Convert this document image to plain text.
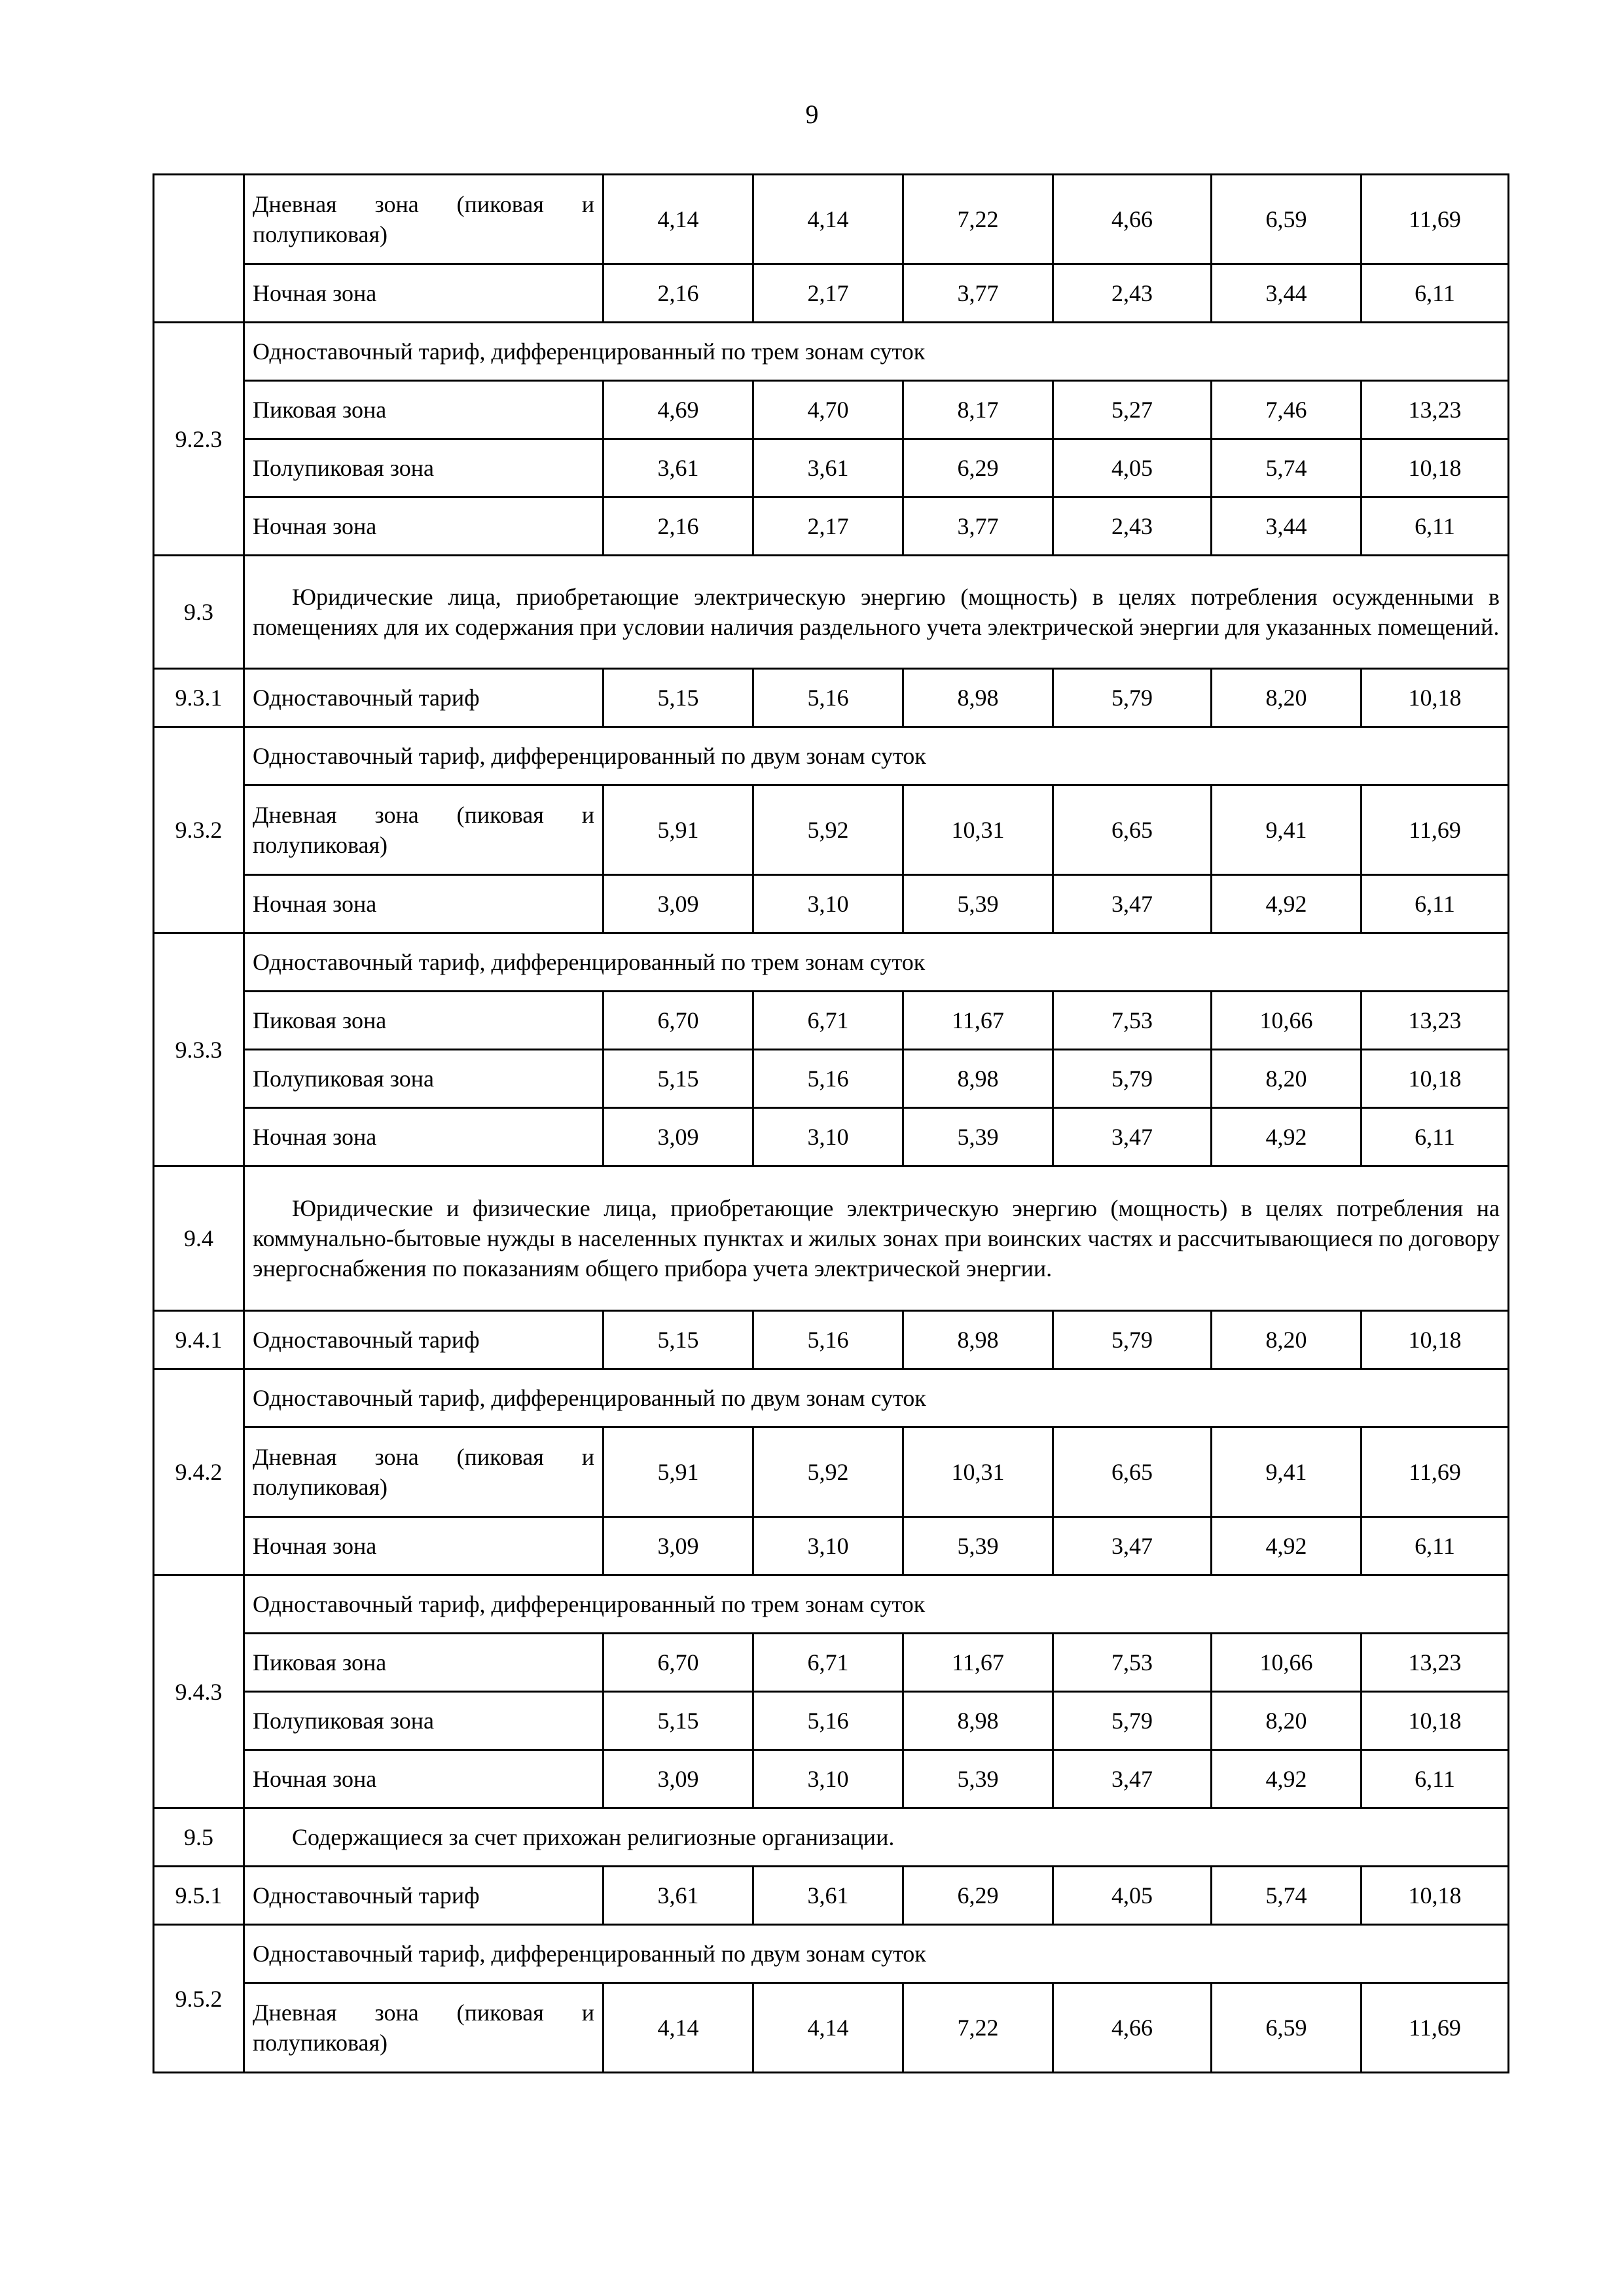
9
	Дневная зона (пиковая и полупиковая)	4,14	4,14	7,22	4,66	6,59	11,69
	Ночная зона	2,16	2,17	3,77	2,43	3,44	6,11
9.2.3	Одноставочный тариф, дифференцированный по трем зонам суток						
	Пиковая зона	4,69	4,70	8,17	5,27	7,46	13,23
	Полупиковая зона	3,61	3,61	6,29	4,05	5,74	10,18
	Ночная зона	2,16	2,17	3,77	2,43	3,44	6,11
9.3	Юридические лица, приобретающие электрическую энергию (мощность) в целях потребления осужденными в помещениях для их содержания при условии наличия раздельного учета электрической энергии для указанных помещений.						

9.3.1	Одноставочный тариф	5,15	5,16	8,98	5,79	8,20	10,18
9.3.2	Одноставочный тариф, дифференцированный по двум зонам суток						
	Дневная зона (пиковая и полупиковая)	5,91	5,92	10,31	6,65	9,41	11,69
	Ночная зона	3,09	3,10	5,39	3,47	4,92	6,11
9.3.3	Одноставочный тариф, дифференцированный по трем зонам суток						
	Пиковая зона	6,70	6,71	11,67	7,53	10,66	13,23
	Полупиковая зона	5,15	5,16	8,98	5,79	8,20	10,18
	Ночная зона	3,09	3,10	5,39	3,47	4,92	6,11
9.4	Юридические и физические лица, приобретающие электрическую энергию (мощность) в целях потребления на коммунально-бытовые нужды в населенных пунктах и жилых зонах при воинских частях и рассчитывающиеся по договору энергоснабжения по показаниям общего прибора учета электрической энергии.						

9.4.1	Одноставочный тариф	5,15	5,16	8,98	5,79	8,20	10,18
9.4.2	Одноставочный тариф, дифференцированный по двум зонам суток						
	Дневная зона (пиковая и полупиковая)	5,91	5,92	10,31	6,65	9,41	11,69
	Ночная зона	3,09	3,10	5,39	3,47	4,92	6,11
9.4.3	Одноставочный тариф, дифференцированный по трем зонам суток						
	Пиковая зона	6,70	6,71	11,67	7,53	10,66	13,23
	Полупиковая зона	5,15	5,16	8,98	5,79	8,20	10,18
	Ночная зона	3,09	3,10	5,39	3,47	4,92	6,11
9.5	Содержащиеся за счет прихожан религиозные организации.						

9.5.1	Одноставочный тариф	3,61	3,61	6,29	4,05	5,74	10,18
9.5.2	Одноставочный тариф, дифференцированный по двум зонам суток						
	Дневная зона (пиковая и полупиковая)	4,14	4,14	7,22	4,66	6,59	11,69
